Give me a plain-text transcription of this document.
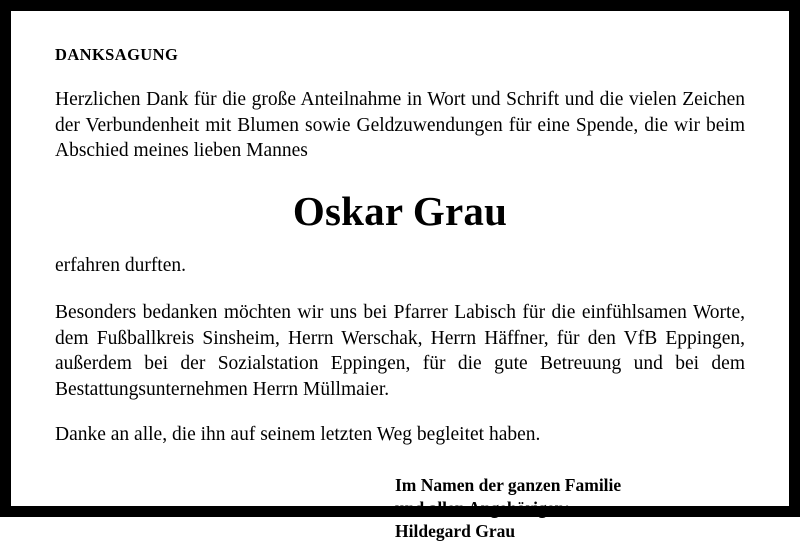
DANKSAGUNG
Herzlichen Dank für die große Anteilnahme in Wort und Schrift und die vielen Zeichen der Verbundenheit mit Blumen sowie Geldzuwendungen für eine Spende, die wir beim Abschied meines lieben Mannes
Oskar Grau
erfahren durften.
Besonders bedanken möchten wir uns bei Pfarrer Labisch für die einfühlsamen Worte, dem Fußballkreis Sinsheim, Herrn Werschak, Herrn Häffner, für den VfB Eppingen, außerdem bei der Sozialstation Eppingen, für die gute Betreuung und bei dem Bestattungsunternehmen Herrn Müllmaier.
Danke an alle, die ihn auf seinem letzten Weg begleitet haben.
Im Namen der ganzen Familie
und allen Angehörigen:
Hildegard Grau
